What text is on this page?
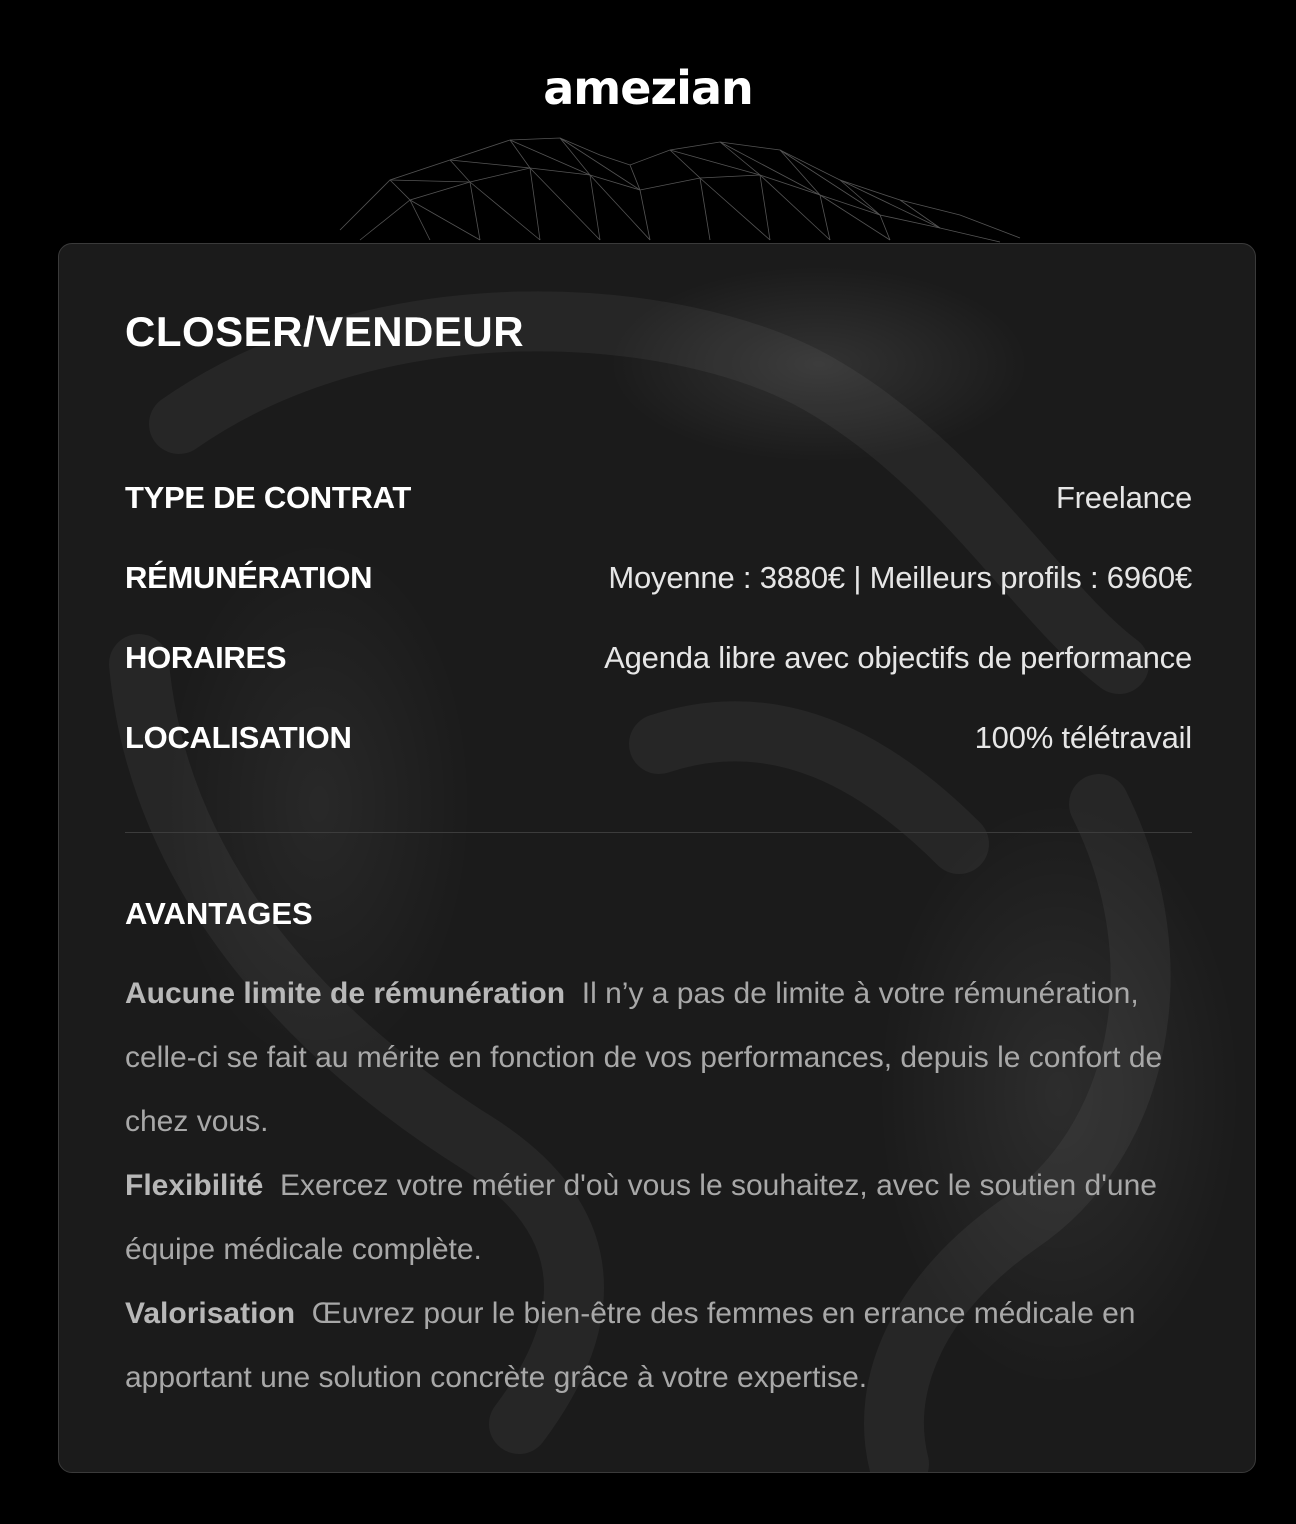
amezian
CLOSER/VENDEUR
TYPE DE CONTRAT	Freelance
RÉMUNÉRATION	Moyenne : 3880€ | Meilleurs profils : 6960€
HORAIRES	Agenda libre avec objectifs de performance
LOCALISATION	100% télétravail
AVANTAGES

Aucune limite de rémunération Il n’y a pas de limite à votre rémunération, celle-ci se fait au mérite en fonction de vos performances, depuis le confort de chez vous.

Flexibilité Exercez votre métier d'où vous le souhaitez, avec le soutien d'une équipe médicale complète.

Valorisation Œuvrez pour le bien-être des femmes en errance médicale en apportant une solution concrète grâce à votre expertise.
